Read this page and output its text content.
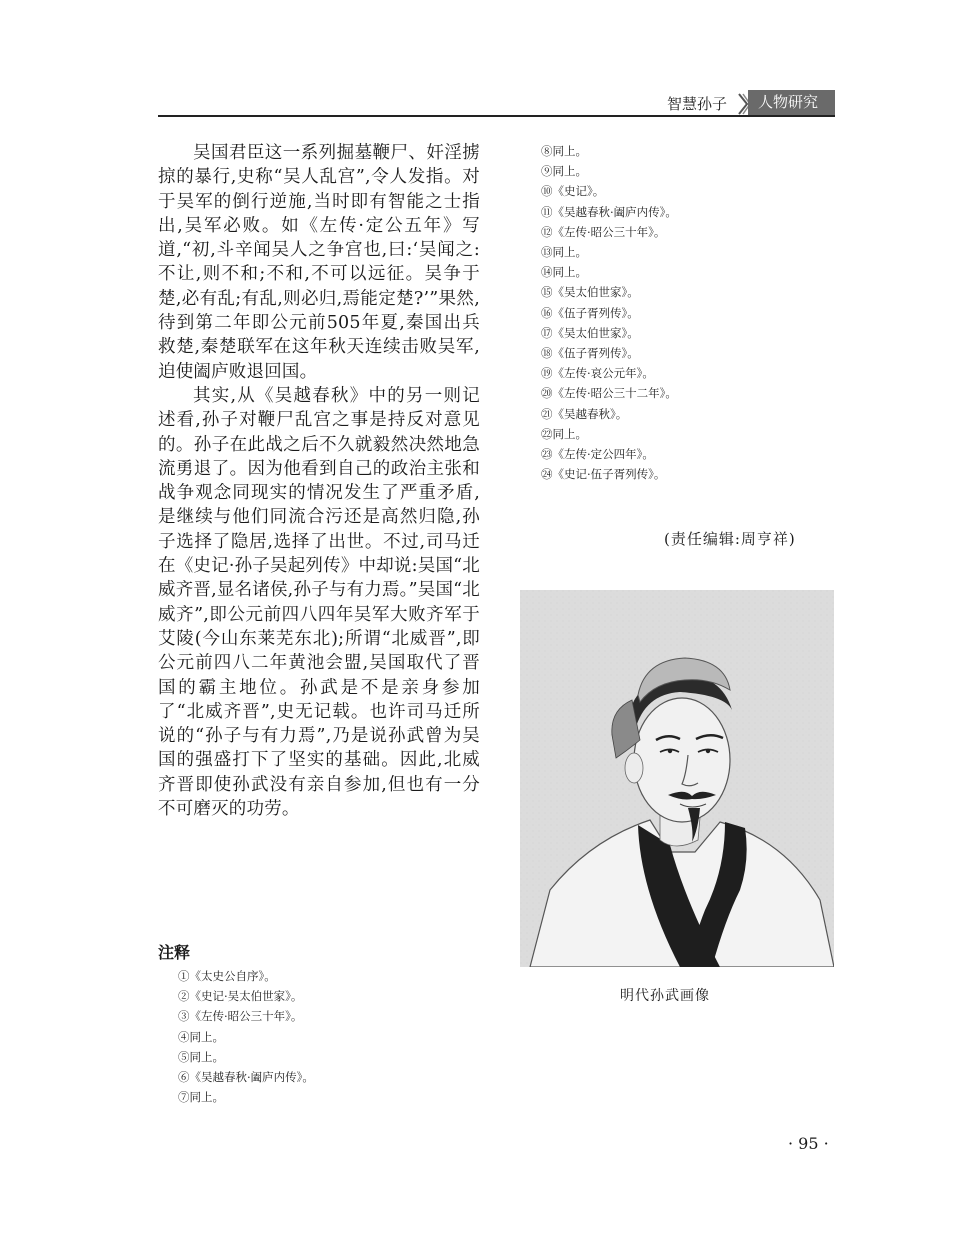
智慧孙子	人物研究

吴国君臣这一系列掘墓鞭尸、奸淫掳掠的暴行,史称“吴人乱宫”,令人发指。对于吴军的倒行逆施,当时即有智能之士指出,吴军必败。如《左传·定公五年》写道,“初,斗辛闻吴人之争宫也,曰:‘吴闻之:不让,则不和;不和,不可以远征。吴争于楚,必有乱;有乱,则必归,焉能定楚?’”果然,待到第二年即公元前505年夏,秦国出兵救楚,秦楚联军在这年秋天连续击败吴军,迫使阖庐败退回国。

其实,从《吴越春秋》中的另一则记述看,孙子对鞭尸乱宫之事是持反对意见的。孙子在此战之后不久就毅然决然地急流勇退了。因为他看到自己的政治主张和战争观念同现实的情况发生了严重矛盾,是继续与他们同流合污还是高然归隐,孙子选择了隐居,选择了出世。不过,司马迁在《史记·孙子吴起列传》中却说:吴国“北威齐晋,显名诸侯,孙子与有力焉。”吴国“北威齐”,即公元前四八四年吴军大败齐军于艾陵(今山东莱芜东北);所谓“北威晋”,即公元前四八二年黄池会盟,吴国取代了晋国的霸主地位。孙武是不是亲身参加了“北威齐晋”,史无记载。也许司马迁所说的“孙子与有力焉”,乃是说孙武曾为吴国的强盛打下了坚实的基础。因此,北威齐晋即使孙武没有亲自参加,但也有一分不可磨灭的功劳。

注释
①《太史公自序》。
②《史记·吴太伯世家》。
③《左传·昭公三十年》。
④同上。
⑤同上。
⑥《吴越春秋·阖庐内传》。
⑦同上。
⑧同上。
⑨同上。
⑩《史记》。
⑪《吴越春秋·阖庐内传》。
⑫《左传·昭公三十年》。
⑬同上。
⑭同上。
⑮《吴太伯世家》。
⑯《伍子胥列传》。
⑰《吴太伯世家》。
⑱《伍子胥列传》。
⑲《左传·哀公元年》。
⑳《左传·昭公三十二年》。
㉑《吴越春秋》。
㉒同上。
㉓《左传·定公四年》。
㉔《史记·伍子胥列传》。
(责任编辑:周亨祥)
明代孙武画像
· 95 ·
